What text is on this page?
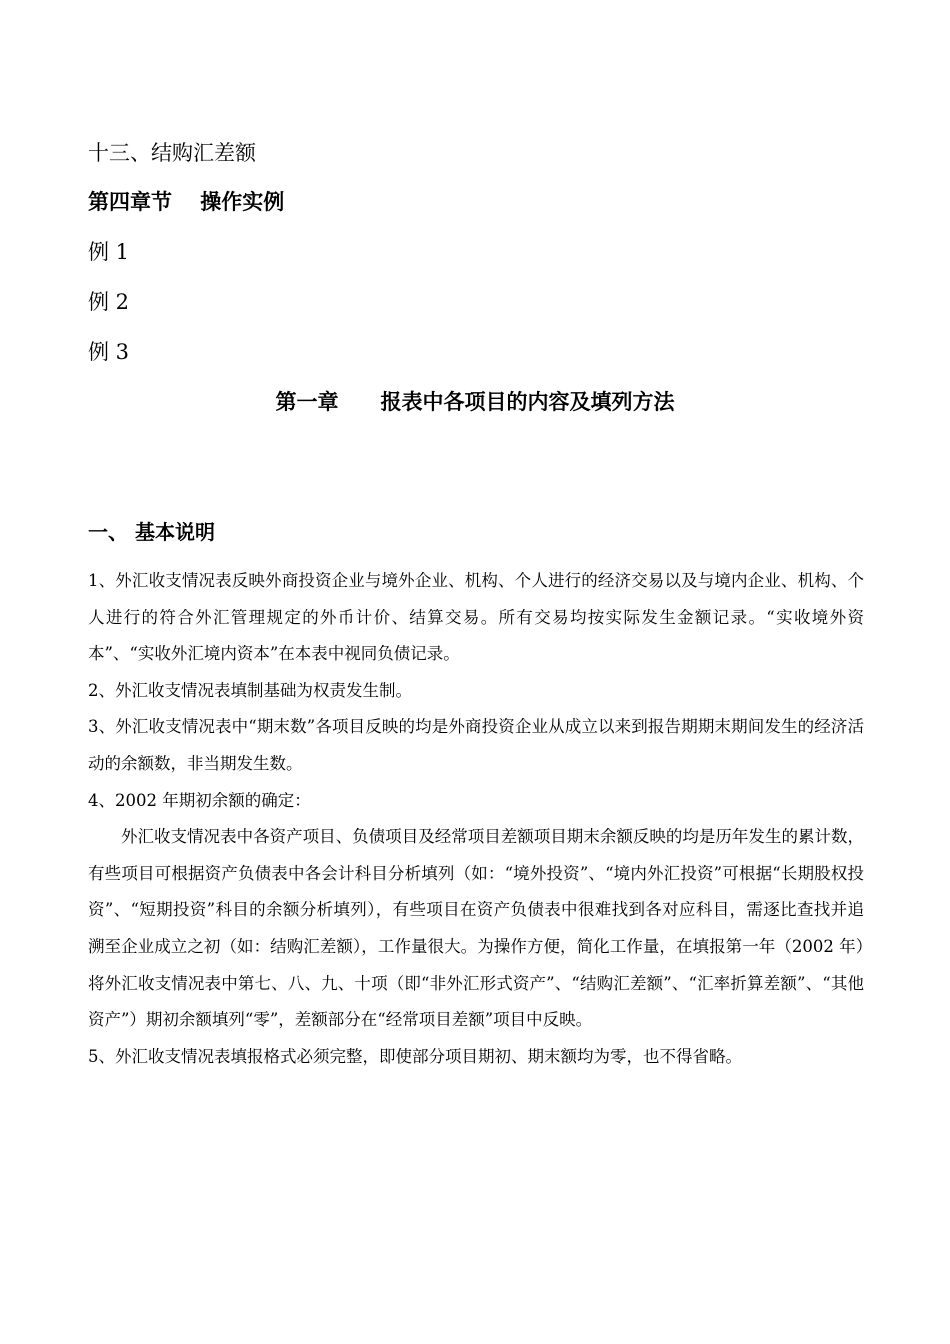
十三、结购汇差额
第四章节　 操作实例
例 1
例 2
例 3
第一章　　报表中各项目的内容及填列方法
一、 基本说明

1、外汇收支情况表反映外商投资企业与境外企业、机构、个人进行的经济交易以及与境内企业、机构、个人进行的符合外汇管理规定的外币计价、结算交易。所有交易均按实际发生金额记录。“实收境外资本”、“实收外汇境内资本”在本表中视同负债记录。

2、外汇收支情况表填制基础为权责发生制。

3、外汇收支情况表中“期末数”各项目反映的均是外商投资企业从成立以来到报告期期末期间发生的经济活动的余额数，非当期发生数。

4、2002 年期初余额的确定：

外汇收支情况表中各资产项目、负债项目及经常项目差额项目期末余额反映的均是历年发生的累计数，有些项目可根据资产负债表中各会计科目分析填列（如：“境外投资”、“境内外汇投资”可根据“长期股权投资”、“短期投资”科目的余额分析填列），有些项目在资产负债表中很难找到各对应科目，需逐比查找并追溯至企业成立之初（如：结购汇差额），工作量很大。为操作方便，简化工作量，在填报第一年（2002 年）将外汇收支情况表中第七、八、九、十项（即“非外汇形式资产”、“结购汇差额”、“汇率折算差额”、“其他资产”）期初余额填列“零”，差额部分在“经常项目差额”项目中反映。

5、外汇收支情况表填报格式必须完整，即使部分项目期初、期末额均为零，也不得省略。
